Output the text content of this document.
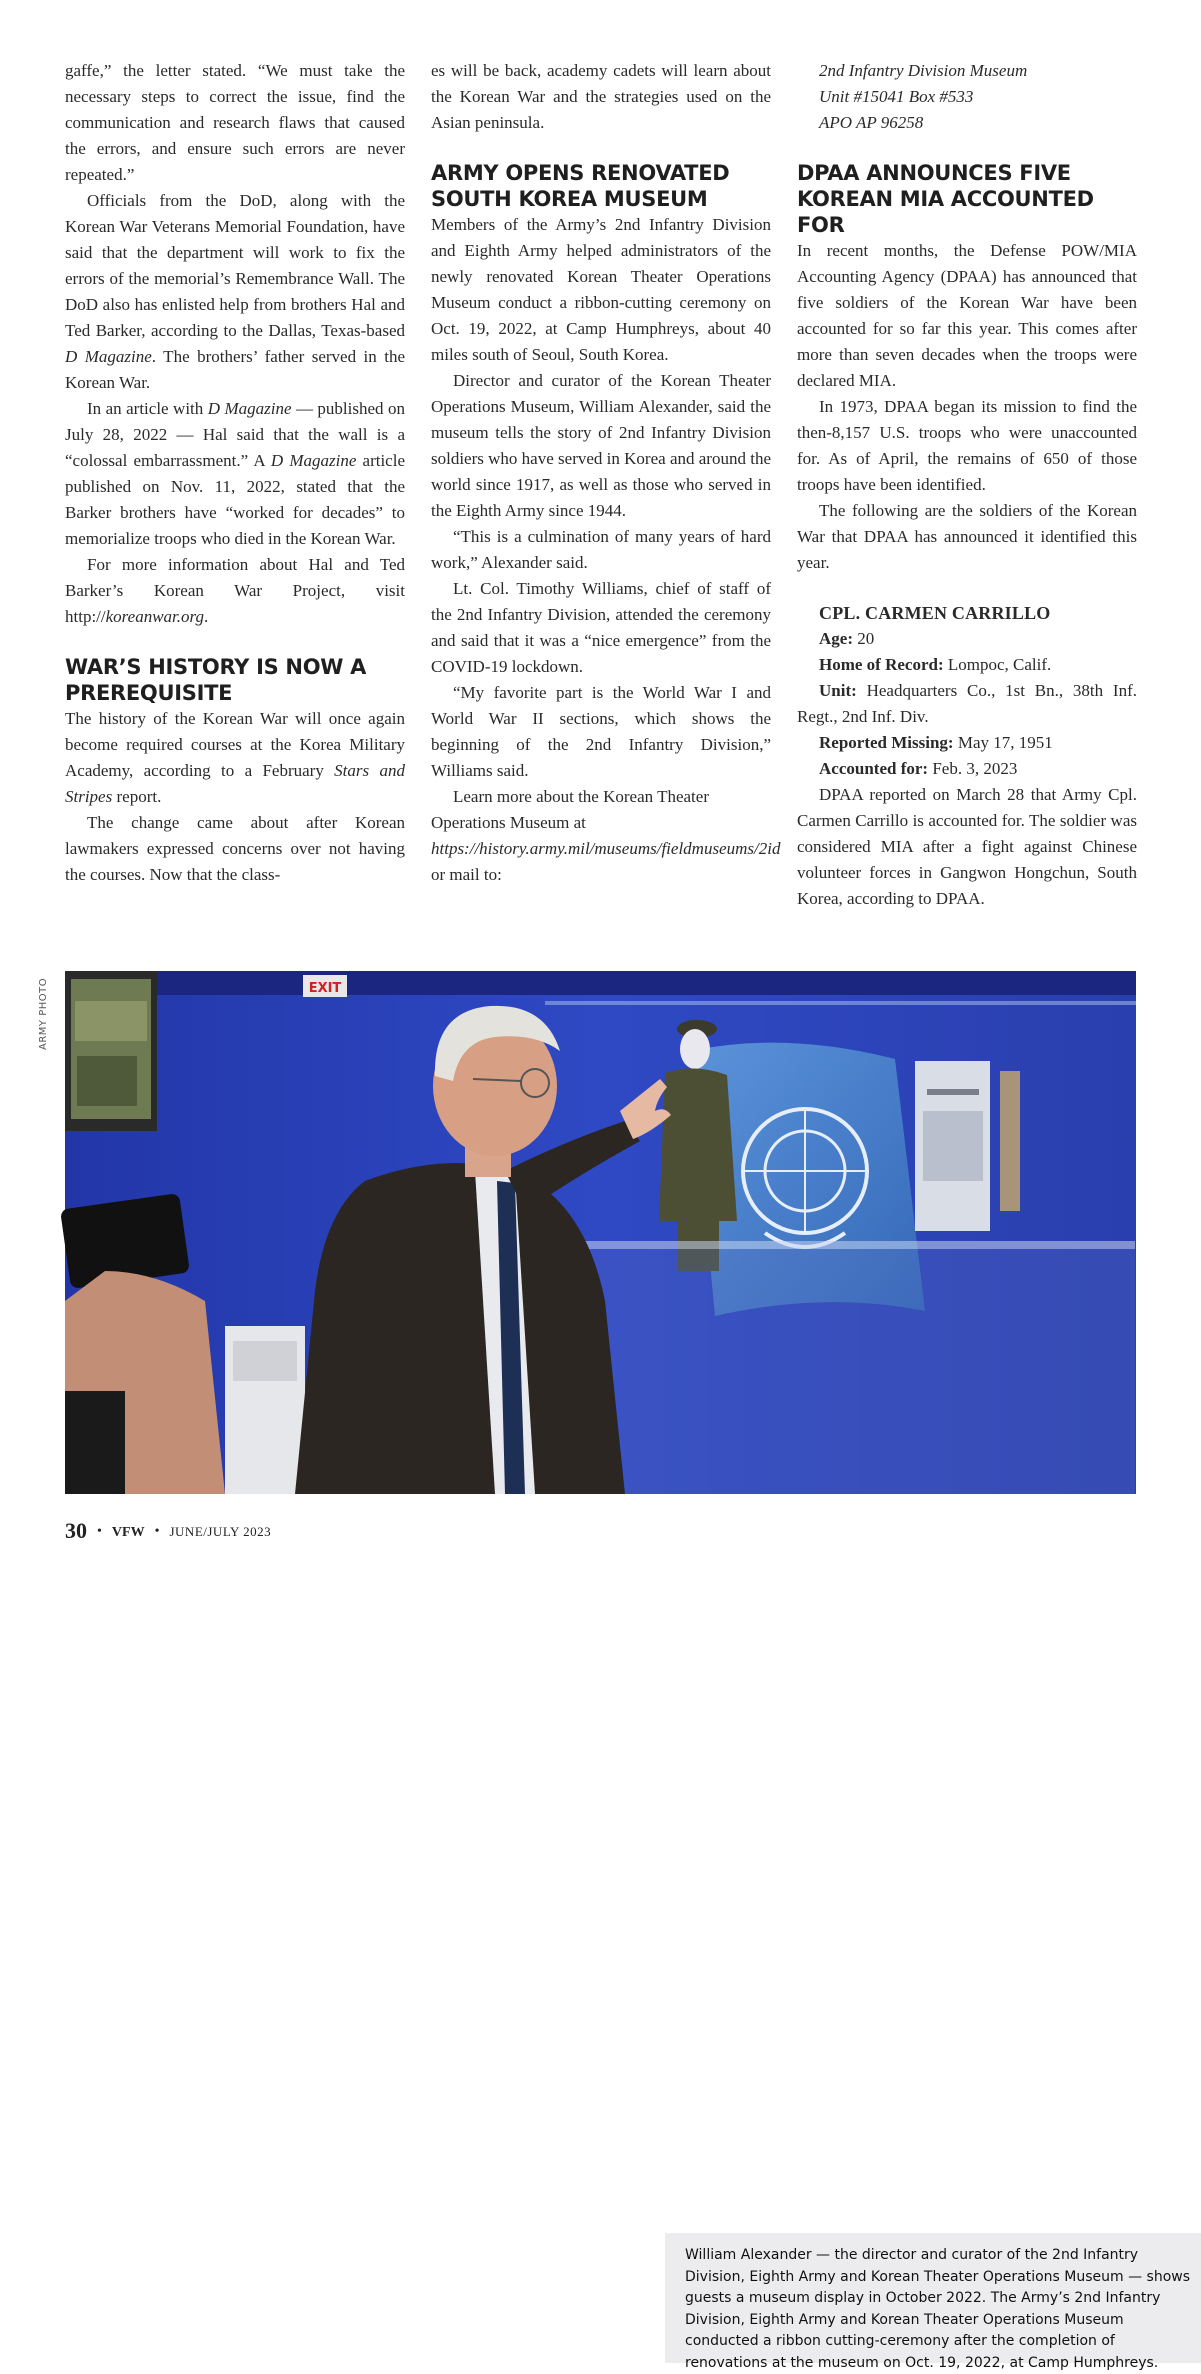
gaffe,” the letter stated. “We must take the necessary steps to correct the issue, find the communication and research flaws that caused the errors, and ensure such errors are never repeated.”

Officials from the DoD, along with the Korean War Veterans Memorial Foundation, have said that the department will work to fix the errors of the memorial’s Remembrance Wall. The DoD also has enlisted help from brothers Hal and Ted Barker, according to the Dallas, Texas-based D Magazine. The brothers’ father served in the Korean War.

In an article with D Magazine — published on July 28, 2022 — Hal said that the wall is a “colossal embarrassment.” A D Magazine article published on Nov. 11, 2022, stated that the Barker brothers have “worked for decades” to memorialize troops who died in the Korean War.

For more information about Hal and Ted Barker’s Korean War Project, visit http://koreanwar.org.

WAR’S HISTORY IS NOW A PREREQUISITE

The history of the Korean War will once again become required courses at the Korea Military Academy, according to a February Stars and Stripes report.

The change came about after Korean lawmakers expressed concerns over not having the courses. Now that the class-

es will be back, academy cadets will learn about the Korean War and the strategies used on the Asian peninsula.

ARMY OPENS RENOVATED SOUTH KOREA MUSEUM

Members of the Army’s 2nd Infantry Division and Eighth Army helped administrators of the newly renovated Korean Theater Operations Museum conduct a ribbon-cutting ceremony on Oct. 19, 2022, at Camp Humphreys, about 40 miles south of Seoul, South Korea.

Director and curator of the Korean Theater Operations Museum, William Alexander, said the museum tells the story of 2nd Infantry Division soldiers who have served in Korea and around the world since 1917, as well as those who served in the Eighth Army since 1944.

“This is a culmination of many years of hard work,” Alexander said.

Lt. Col. Timothy Williams, chief of staff of the 2nd Infantry Division, attended the ceremony and said that it was a “nice emergence” from the COVID-19 lockdown.

“My favorite part is the World War I and World War II sections, which shows the beginning of the 2nd Infantry Division,” Williams said.

Learn more about the Korean Theater Operations Museum at https://history.army.mil/museums/fieldmuseums/2id or mail to:

2nd Infantry Division Museum
Unit #15041 Box #533
APO AP 96258
DPAA ANNOUNCES FIVE KOREAN MIA ACCOUNTED FOR

In recent months, the Defense POW/MIA Accounting Agency (DPAA) has announced that five soldiers of the Korean War have been accounted for so far this year. This comes after more than seven decades when the troops were declared MIA.

In 1973, DPAA began its mission to find the then-8,157 U.S. troops who were unaccounted for. As of April, the remains of 650 of those troops have been identified.

The following are the soldiers of the Korean War that DPAA has announced it identified this year.

CPL. CARMEN CARRILLO

Age: 20

Home of Record: Lompoc, Calif.

Unit: Headquarters Co., 1st Bn., 38th Inf. Regt., 2nd Inf. Div.

Reported Missing: May 17, 1951

Accounted for: Feb. 3, 2023

DPAA reported on March 28 that Army Cpl. Carmen Carrillo is accounted for. The soldier was considered MIA after a fight against Chinese volunteer forces in Gangwon Hongchun, South Korea, according to DPAA.

ARMY PHOTO	EXIT
William Alexander — the director and curator of the 2nd Infantry Division, Eighth Army and Korean Theater Operations Museum — shows guests a museum display in October 2022. The Army’s 2nd Infantry Division, Eighth Army and Korean Theater Operations Museum conducted a ribbon cutting-ceremony after the completion of renovations at the museum on Oct. 19, 2022, at Camp Humphreys.
30 • VFW • JUNE/JULY 2023
